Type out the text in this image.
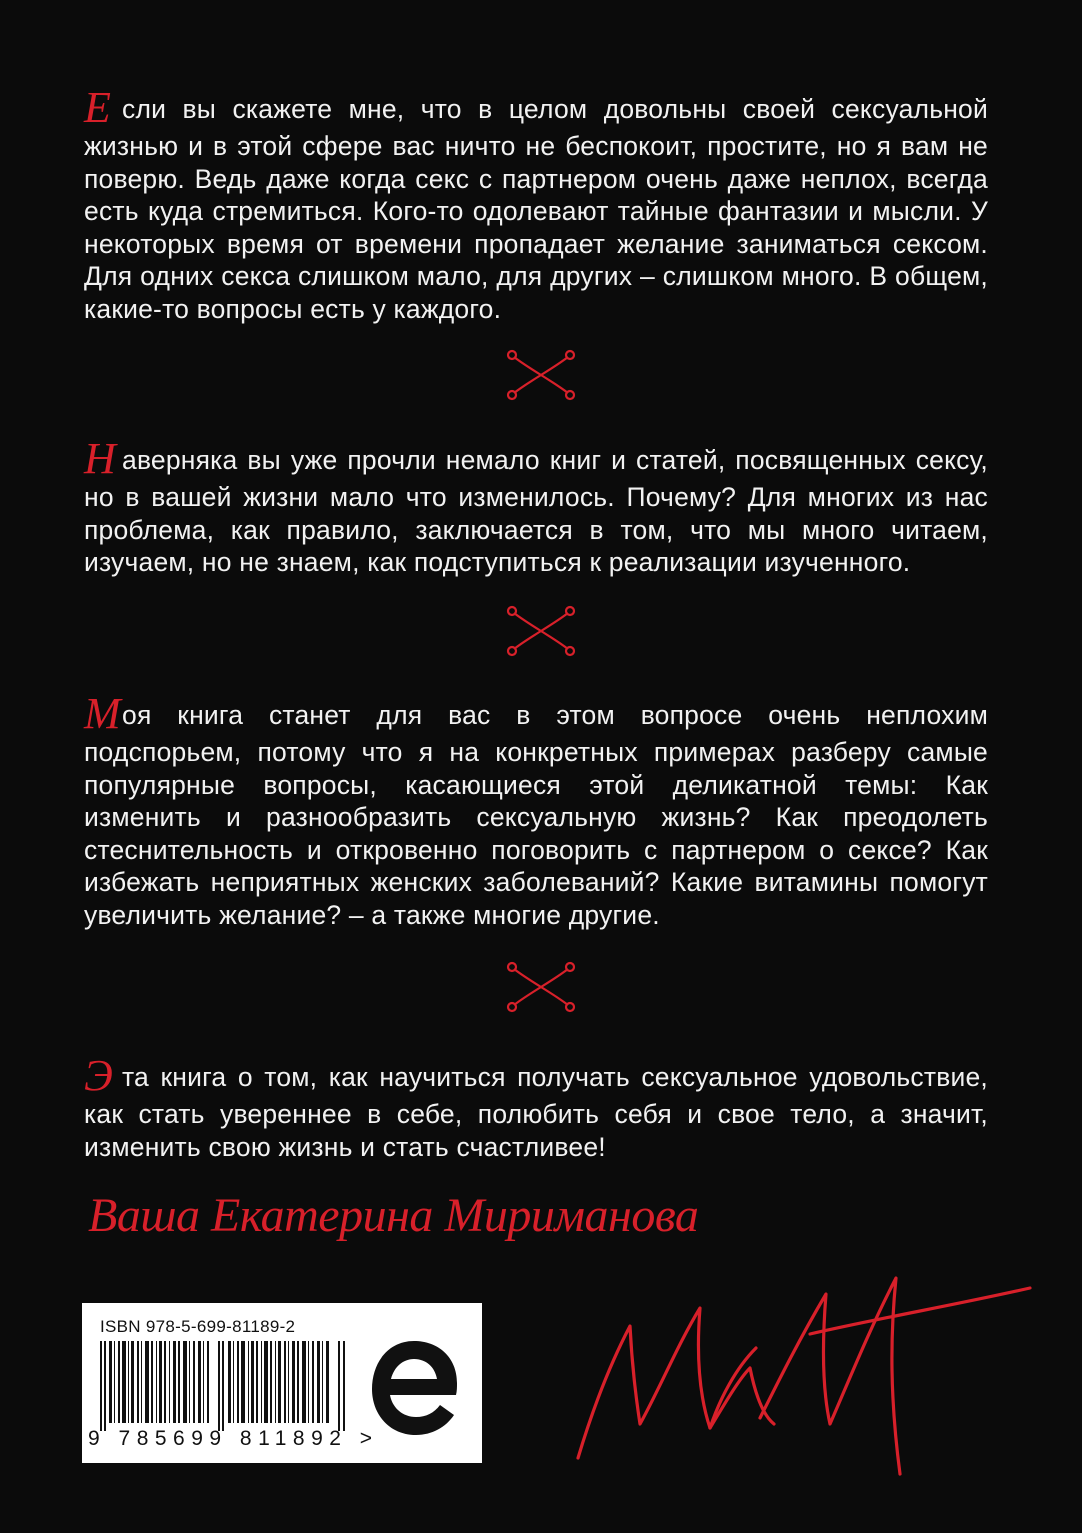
Если вы скажете мне, что в целом довольны своей сексуальной жизнью и в этой сфере вас ничто не беспокоит, простите, но я вам не поверю. Ведь даже когда секс с партнером очень даже неплох, всегда есть куда стремиться. Кого-то одолевают тайные фантазии и мысли. У некоторых время от времени пропадает желание заниматься сексом. Для одних секса слишком мало, для других – слишком много. В общем, какие-то вопросы есть у каждого.
Наверняка вы уже прочли немало книг и статей, посвященных сексу, но в вашей жизни мало что изменилось. Почему? Для многих из нас проблема, как правило, заключается в том, что мы много читаем, изучаем, но не знаем, как подступиться к реализации изученного.
Моя книга станет для вас в этом вопросе очень неплохим подспорьем, потому что я на конкретных примерах разберу самые популярные вопросы, касающиеся этой деликатной темы: Как изменить и разнообразить сексуальную жизнь? Как преодолеть стеснительность и откровенно поговорить с партнером о сексе? Как избежать неприятных женских заболеваний? Какие витамины помогут увеличить желание? – а также многие другие.
Эта книга о том, как научиться получать сексуальное удовольствие, как стать увереннее в себе, полюбить себя и свое тело, а значит, изменить свою жизнь и стать счастливее!
Ваша Екатерина Мириманова
ISBN 978-5-699-81189-2
9 785699 811892 >
